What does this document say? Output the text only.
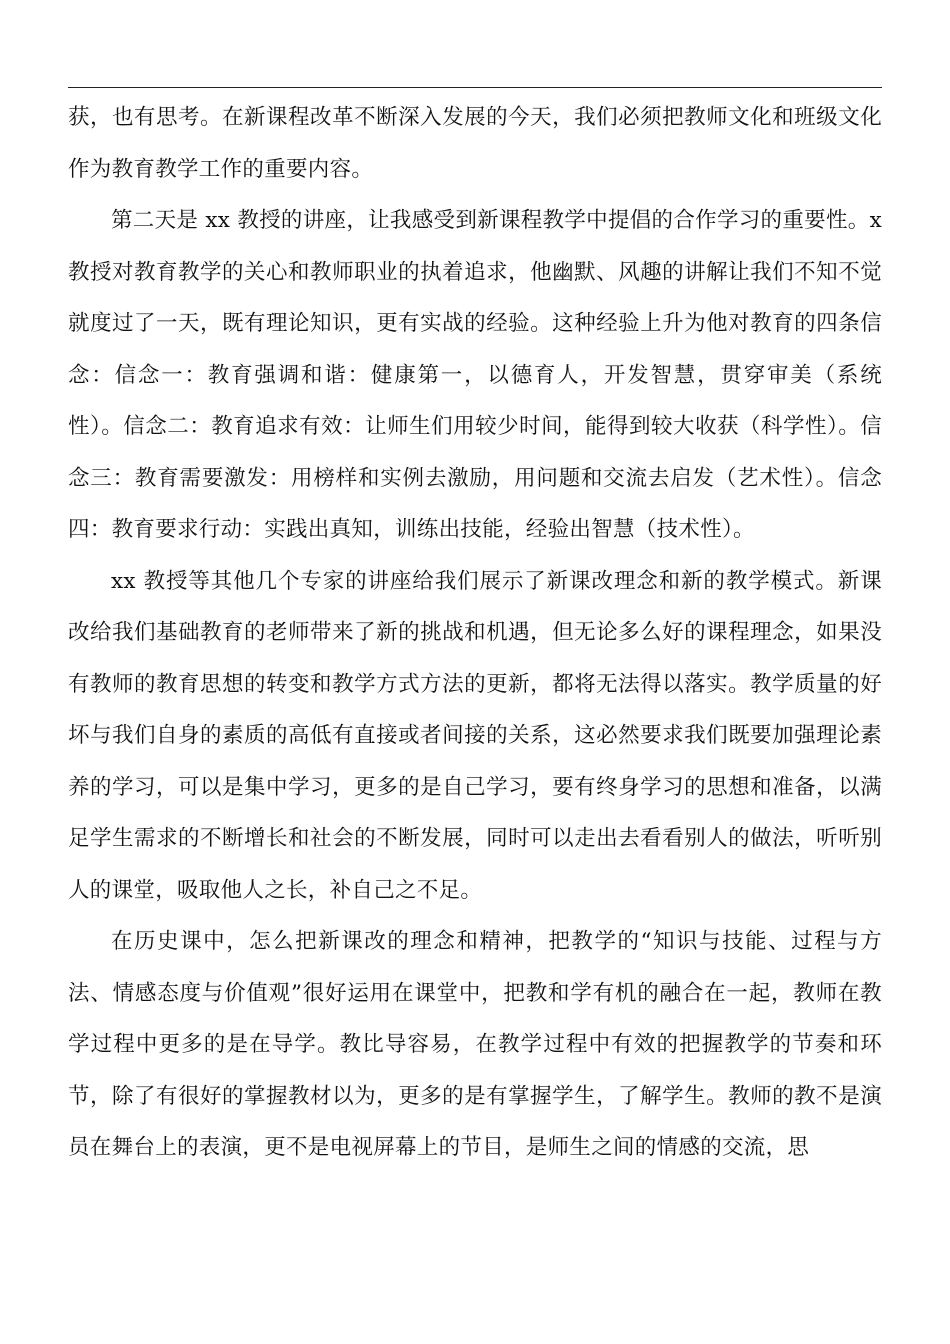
获，也有思考。在新课程改革不断深入发展的今天，我们必须把教师文化和班级文化作为教育教学工作的重要内容。

第二天是 xx 教授的讲座，让我感受到新课程教学中提倡的合作学习的重要性。x 教授对教育教学的关心和教师职业的执着追求，他幽默、风趣的讲解让我们不知不觉就度过了一天，既有理论知识，更有实战的经验。这种经验上升为他对教育的四条信念：信念一：教育强调和谐：健康第一，以德育人，开发智慧，贯穿审美（系统性）。信念二：教育追求有效：让师生们用较少时间，能得到较大收获（科学性）。信念三：教育需要激发：用榜样和实例去激励，用问题和交流去启发（艺术性）。信念四：教育要求行动：实践出真知，训练出技能，经验出智慧（技术性）。

xx 教授等其他几个专家的讲座给我们展示了新课改理念和新的教学模式。新课改给我们基础教育的老师带来了新的挑战和机遇，但无论多么好的课程理念，如果没有教师的教育思想的转变和教学方式方法的更新，都将无法得以落实。教学质量的好坏与我们自身的素质的高低有直接或者间接的关系，这必然要求我们既要加强理论素养的学习，可以是集中学习，更多的是自己学习，要有终身学习的思想和准备，以满足学生需求的不断增长和社会的不断发展，同时可以走出去看看别人的做法，听听别人的课堂，吸取他人之长，补自己之不足。

在历史课中，怎么把新课改的理念和精神，把教学的“知识与技能、过程与方法、情感态度与价值观”很好运用在课堂中，把教和学有机的融合在一起，教师在教学过程中更多的是在导学。教比导容易，在教学过程中有效的把握教学的节奏和环节，除了有很好的掌握教材以为，更多的是有掌握学生，了解学生。教师的教不是演员在舞台上的表演，更不是电视屏幕上的节目，是师生之间的情感的交流，思
